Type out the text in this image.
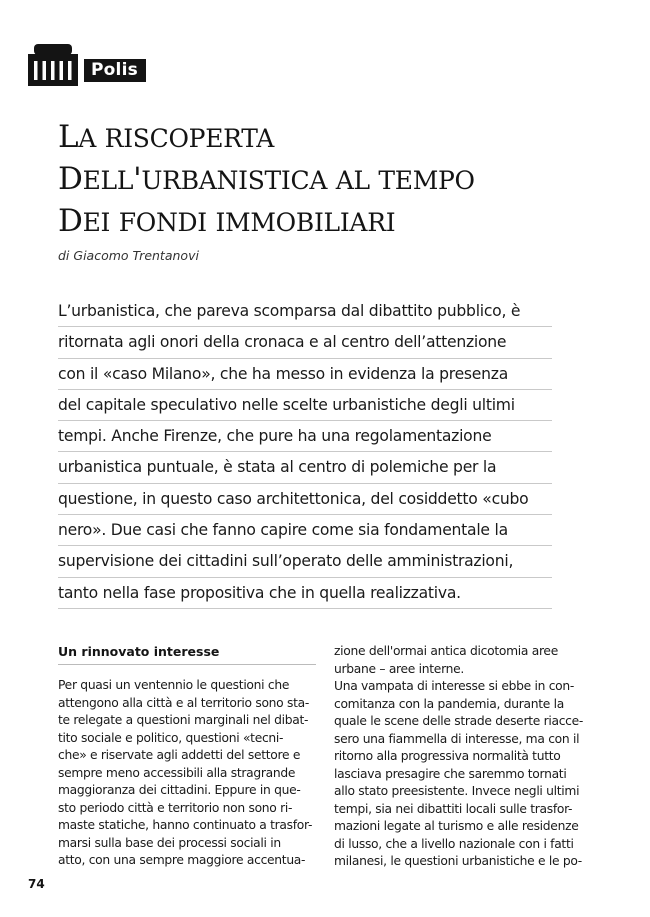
Polis
LA RISCOPERTA
DELL'URBANISTICA AL TEMPO
DEI FONDI IMMOBILIARI
di Giacomo Trentanovi
L’urbanistica, che pareva scomparsa dal dibattito pubblico, è
ritornata agli onori della cronaca e al centro dell’attenzione
con il «caso Milano», che ha messo in evidenza la presenza
del capitale speculativo nelle scelte urbanistiche degli ultimi
tempi. Anche Firenze, che pure ha una regolamentazione
urbanistica puntuale, è stata al centro di polemiche per la
questione, in questo caso architettonica, del cosiddetto «cubo
nero». Due casi che fanno capire come sia fondamentale la
supervisione dei cittadini sull’operato delle amministrazioni,
tanto nella fase propositiva che in quella realizzativa.
Un rinnovato interesse
Per quasi un ventennio le questioni che
attengono alla città e al territorio sono sta-
te relegate a questioni marginali nel dibat-
tito sociale e politico, questioni «tecni-
che» e riservate agli addetti del settore e
sempre meno accessibili alla stragrande
maggioranza dei cittadini. Eppure in que-
sto periodo città e territorio non sono ri-
maste statiche, hanno continuato a trasfor-
marsi sulla base dei processi sociali in
atto, con una sempre maggiore accentua-
zione dell'ormai antica dicotomia aree
urbane – aree interne.
Una vampata di interesse si ebbe in con-
comitanza con la pandemia, durante la
quale le scene delle strade deserte riacce-
sero una fiammella di interesse, ma con il
ritorno alla progressiva normalità tutto
lasciava presagire che saremmo tornati
allo stato preesistente. Invece negli ultimi
tempi, sia nei dibattiti locali sulle trasfor-
mazioni legate al turismo e alle residenze
di lusso, che a livello nazionale con i fatti
milanesi, le questioni urbanistiche e le po-
74
